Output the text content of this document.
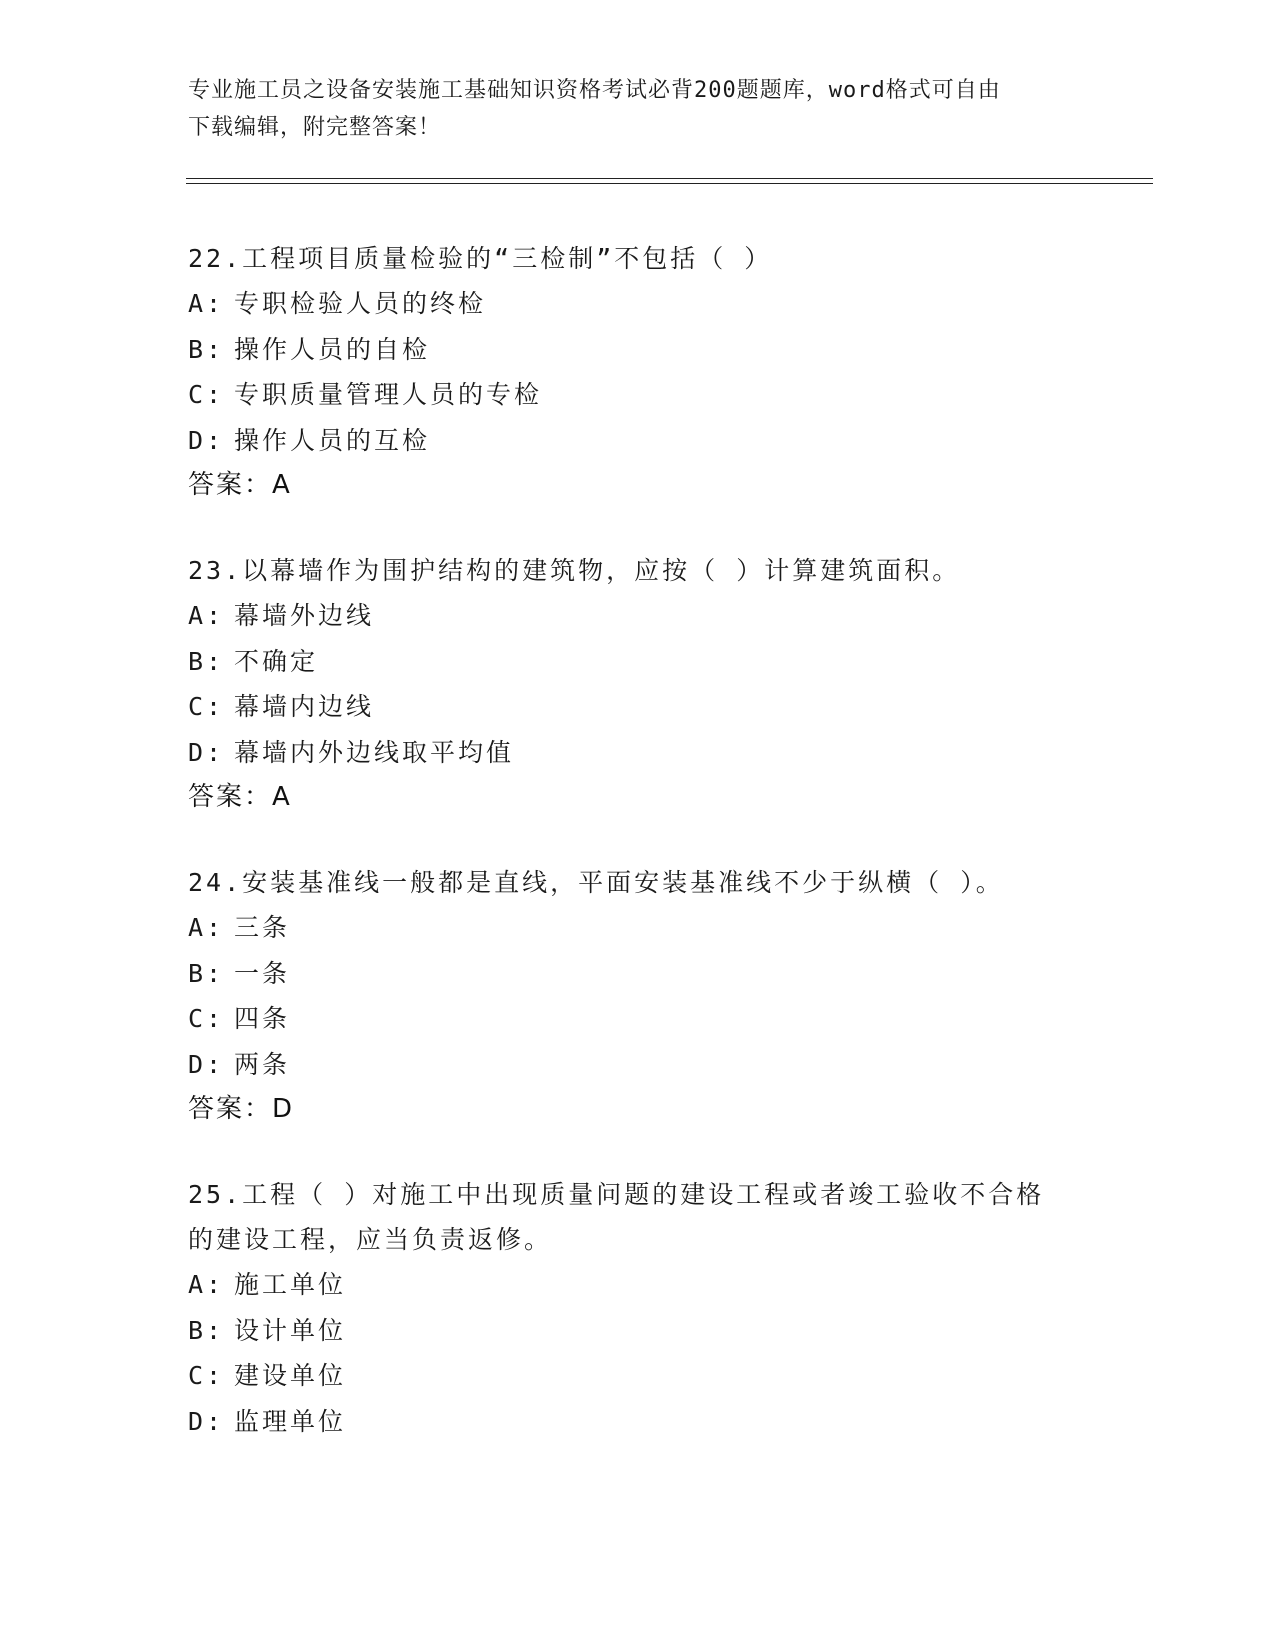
专业施工员之设备安装施工基础知识资格考试必背200题题库，word格式可自由
下载编辑，附完整答案！
22.工程项目质量检验的“三检制”不包括（ ）
A: 专职检验人员的终检
B: 操作人员的自检
C: 专职质量管理人员的专检
D: 操作人员的互检
答案：A
23.以幕墙作为围护结构的建筑物，应按（ ）计算建筑面积。
A: 幕墙外边线
B: 不确定
C: 幕墙内边线
D: 幕墙内外边线取平均值
答案：A
24.安装基准线一般都是直线，平面安装基准线不少于纵横（ ）。
A: 三条
B: 一条
C: 四条
D: 两条
答案：D
25.工程（ ）对施工中出现质量问题的建设工程或者竣工验收不合格的建设工程，应当负责返修。
A: 施工单位
B: 设计单位
C: 建设单位
D: 监理单位
